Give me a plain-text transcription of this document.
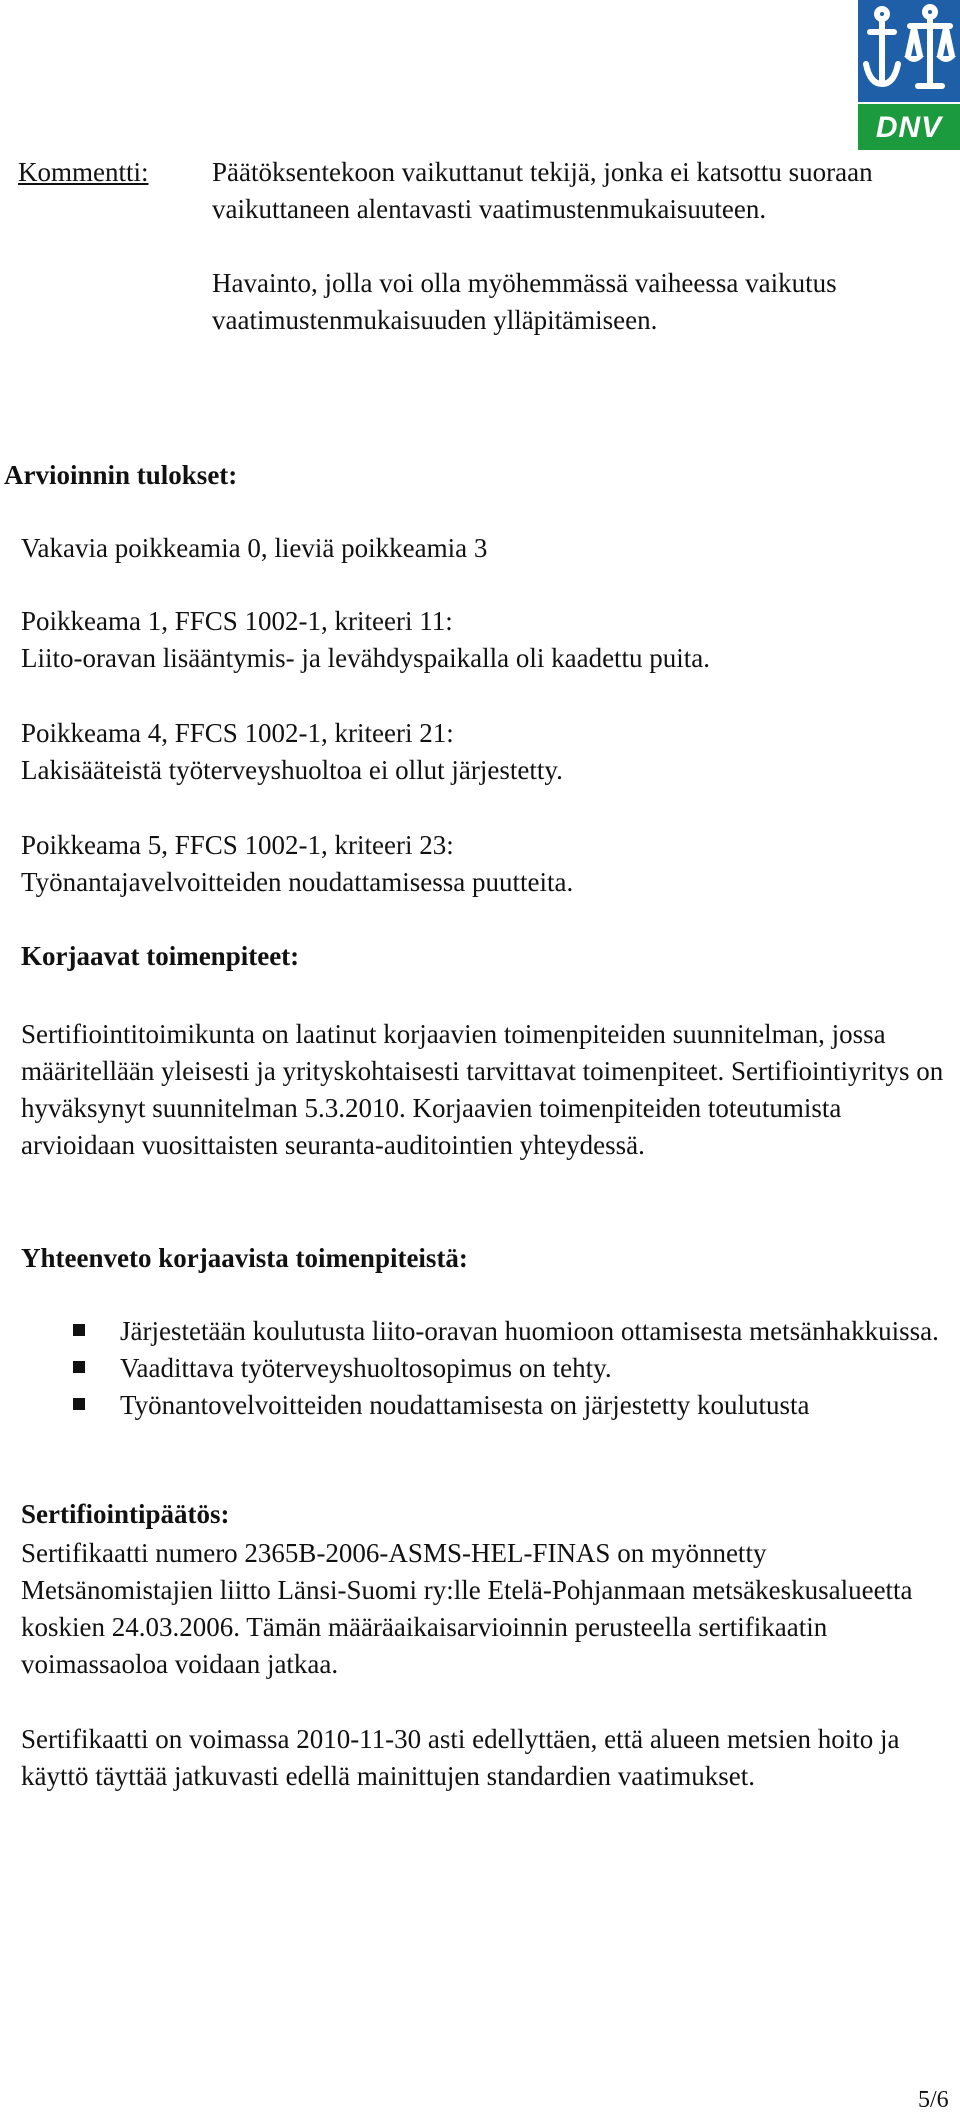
DNV
Kommentti: Päätöksentekoon vaikuttanut tekijä, jonka ei katsottu suoraan vaikuttaneen alentavasti vaatimustenmukaisuuteen.

Havainto, jolla voi olla myöhemmässä vaiheessa vaikutus vaatimustenmukaisuuden ylläpitämiseen.

Arvioinnin tulokset:
Vakavia poikkeamia 0, lieviä poikkeamia 3

Poikkeama 1, FFCS 1002-1, kriteeri 11:

Liito-oravan lisääntymis- ja levähdyspaikalla oli kaadettu puita.

Poikkeama 4, FFCS 1002-1, kriteeri 21:

Lakisääteistä työterveyshuoltoa ei ollut järjestetty.

Poikkeama 5, FFCS 1002-1, kriteeri 23:

Työnantajavelvoitteiden noudattamisessa puutteita.

Korjaavat toimenpiteet:
Sertifiointitoimikunta on laatinut korjaavien toimenpiteiden suunnitelman, jossa määritellään yleisesti ja yrityskohtaisesti tarvittavat toimenpiteet. Sertifiointiyritys on hyväksynyt suunnitelman 5.3.2010. Korjaavien toimenpiteiden toteutumista arvioidaan vuosittaisten seuranta-auditointien yhteydessä.
Yhteenveto korjaavista toimenpiteistä:
Järjestetään koulutusta liito-oravan huomioon ottamisesta metsänhakkuissa.
Vaadittava työterveyshuoltosopimus on tehty.
Työnantovelvoitteiden noudattamisesta on järjestetty koulutusta
Sertifiointipäätös:
Sertifikaatti numero 2365B-2006-ASMS-HEL-FINAS on myönnetty Metsänomistajien liitto Länsi-Suomi ry:lle Etelä-Pohjanmaan metsäkeskusalueetta koskien 24.03.2006. Tämän määräaikaisarvioinnin perusteella sertifikaatin voimassaoloa voidaan jatkaa.
Sertifikaatti on voimassa 2010-11-30 asti edellyttäen, että alueen metsien hoito ja käyttö täyttää jatkuvasti edellä mainittujen standardien vaatimukset.
5/6
